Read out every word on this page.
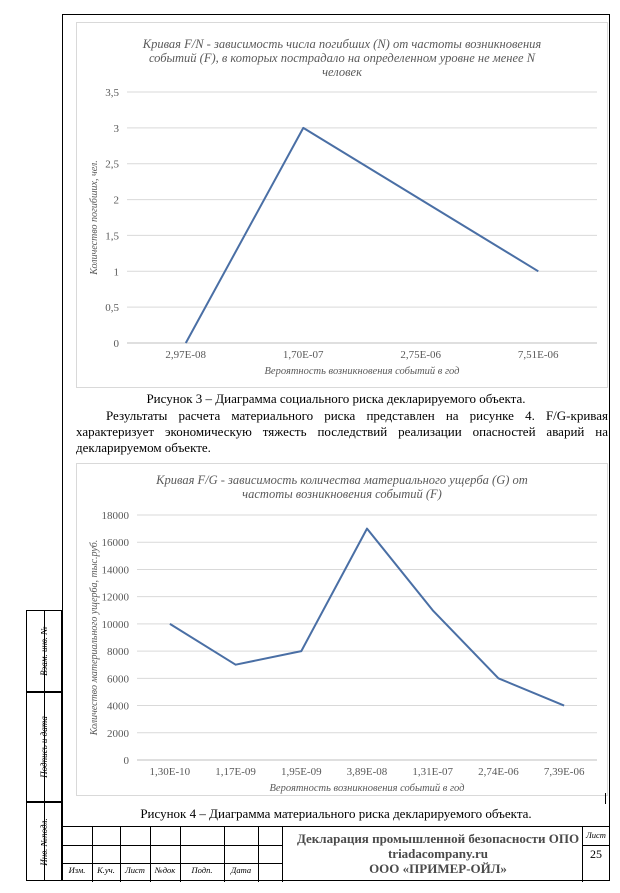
Кривая F/N - зависимость числа погибших (N) от частоты возникновения
событий (F), в которых пострадало на определенном уровне не менее N
человек
0
0,5
1
1,5
2
2,5
3
3,5
2,97E-08	1,70E-07	2,75E-06	7,51E-06
Вероятность возникновения событий в год
Количество погибших, чел.
Рисунок 3 – Диаграмма социального риска декларируемого объекта.
Результаты расчета материального риска представлен на рисунке 4. F/G-кривая характеризует экономическую тяжесть последствий реализации опасностей аварий на декларируемом объекте.
Кривая F/G - зависимость количества материального ущерба (G) от
частоты возникновения событий (F)
0
2000
4000
6000
8000
10000
12000
14000
16000
18000
1,30E-10 1,17E-09 1,95E-09 3,89E-08 1,31E-07 2,74E-06 7,39E-06
Вероятность возникновения событий в год
Количество материального ущерба, тыс.руб.
Рисунок 4 – Диаграмма материального риска декларируемого объекта.
Взам. инв. №
Подпись и дата
Инв. №подл.
Изм.	К.уч.	Лист	№док	Подп.	Дата
Декларация промышленной безопасности ОПО
triadacompany.ru
ООО «ПРИМЕР-ОЙЛ»
Лист
25
